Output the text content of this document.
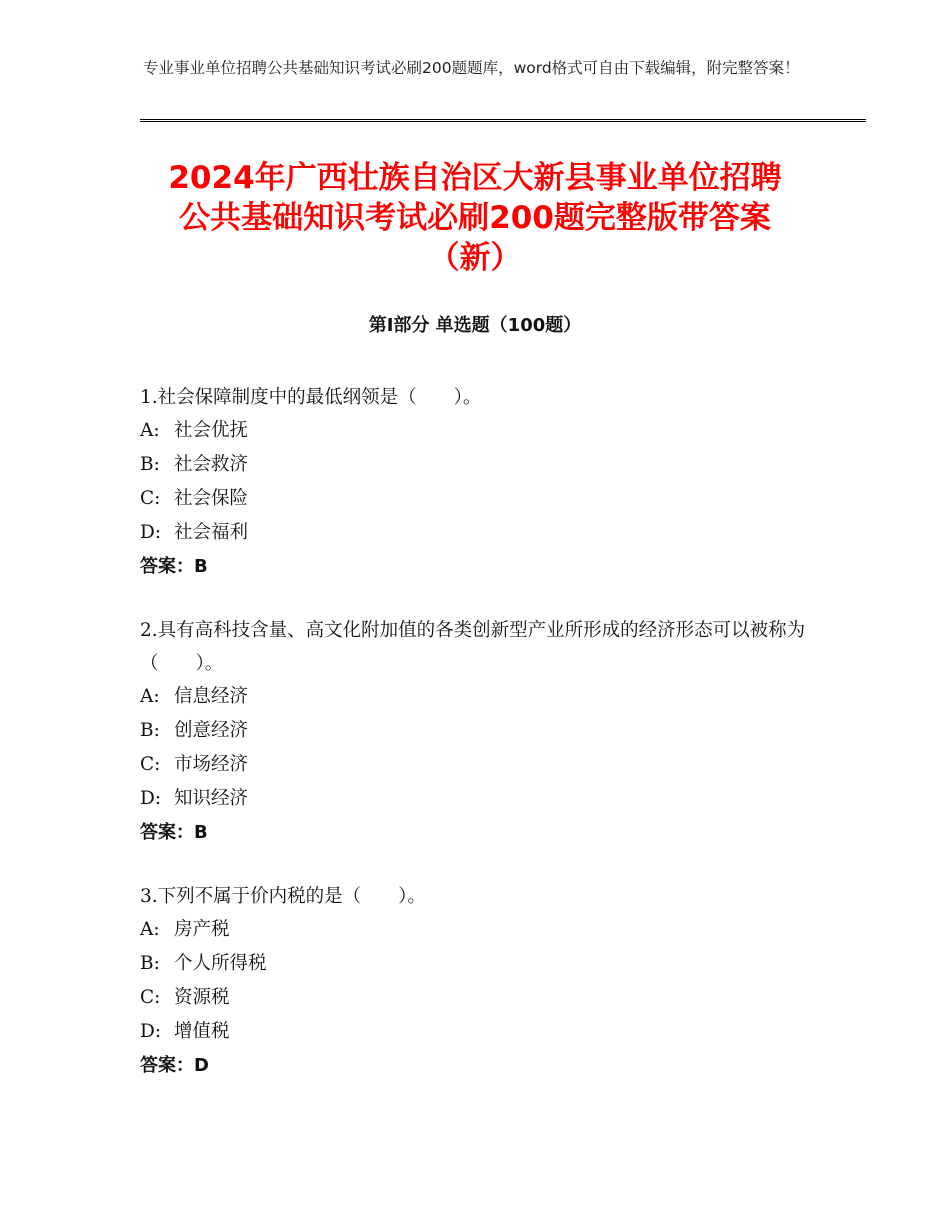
专业事业单位招聘公共基础知识考试必刷200题题库，word格式可自由下载编辑，附完整答案！
2024年广西壮族自治区大新县事业单位招聘
公共基础知识考试必刷200题完整版带答案
（新）
第Ⅰ部分 单选题（100题）
1.社会保障制度中的最低纲领是（　　）。
A: 社会优抚
B: 社会救济
C: 社会保险
D: 社会福利
答案：B
2.具有高科技含量、高文化附加值的各类创新型产业所形成的经济形态可以被称为（　　）。
A: 信息经济
B: 创意经济
C: 市场经济
D: 知识经济
答案：B
3.下列不属于价内税的是（　　）。
A: 房产税
B: 个人所得税
C: 资源税
D: 增值税
答案：D
